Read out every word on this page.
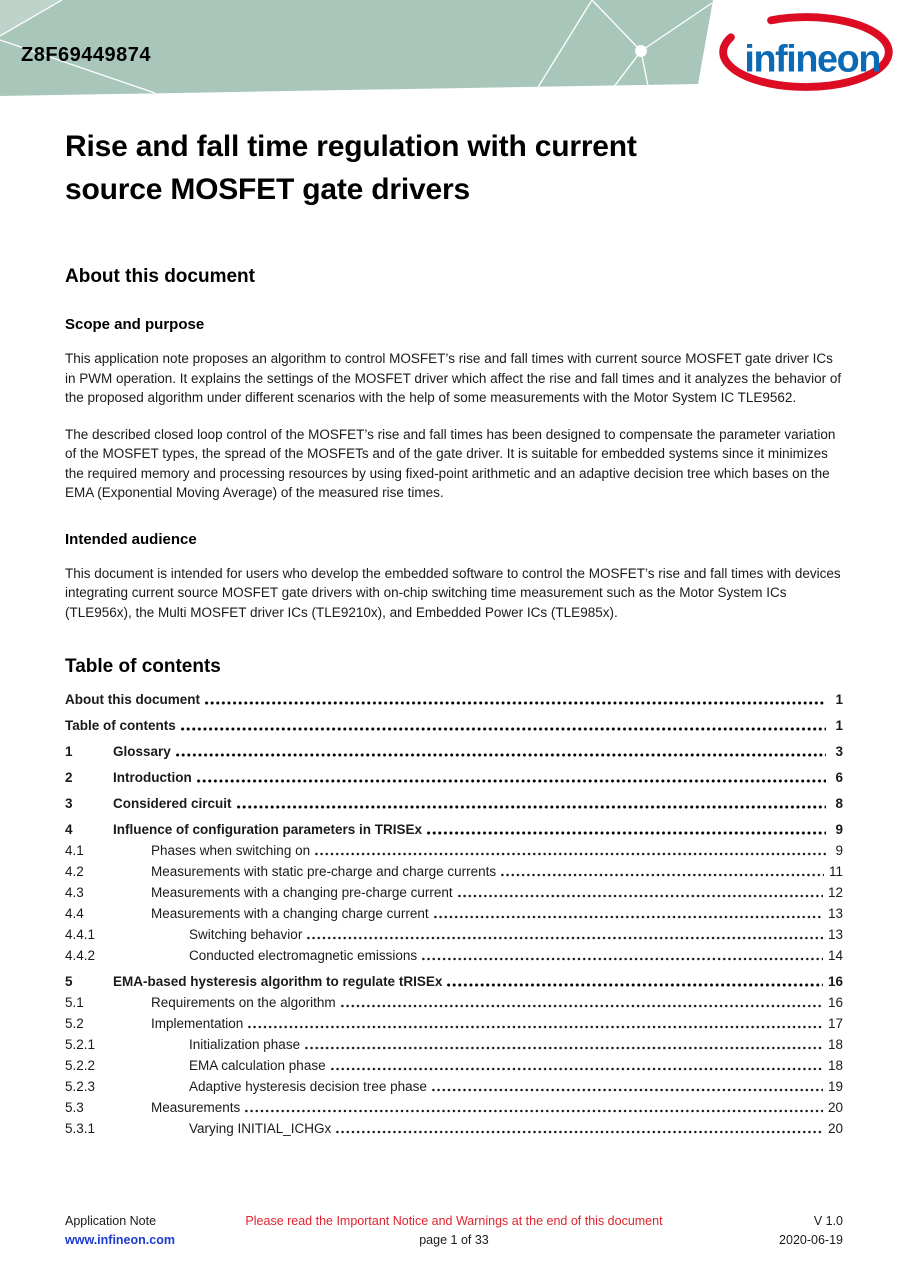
Z8F69449874	infineon
Rise and fall time regulation with current
source MOSFET gate drivers
About this document
Scope and purpose

This application note proposes an algorithm to control MOSFET’s rise and fall times with current source MOSFET gate driver ICs in PWM operation. It explains the settings of the MOSFET driver which affect the rise and fall times and it analyzes the behavior of the proposed algorithm under different scenarios with the help of some measurements with the Motor System IC TLE9562.

The described closed loop control of the MOSFET’s rise and fall times has been designed to compensate the parameter variation of the MOSFET types, the spread of the MOSFETs and of the gate driver. It is suitable for embedded systems since it minimizes the required memory and processing resources by using fixed-point arithmetic and an adaptive decision tree which bases on the EMA (Exponential Moving Average) of the measured rise times.

Intended audience

This document is intended for users who develop the embedded software to control the MOSFET’s rise and fall times with devices integrating current source MOSFET gate drivers with on-chip switching time measurement such as the Motor System ICs (TLE956x), the Multi MOSFET driver ICs (TLE9210x), and Embedded Power ICs (TLE985x).

Table of contents
About this document	1
Table of contents	1
1	Glossary	3
2	Introduction	6
3	Considered circuit	8
4	Influence of configuration parameters in TRISEx	9
4.1	Phases when switching on	9
4.2	Measurements with static pre-charge and charge currents	11
4.3	Measurements with a changing pre-charge current	12
4.4	Measurements with a changing charge current	13
4.4.1	Switching behavior	13
4.4.2	Conducted electromagnetic emissions	14
5	EMA-based hysteresis algorithm to regulate tRISEx	16
5.1	Requirements on the algorithm	16
5.2	Implementation	17
5.2.1	Initialization phase	18
5.2.2	EMA calculation phase	18
5.2.3	Adaptive hysteresis decision tree phase	19
5.3	Measurements	20
5.3.1	Varying INITIAL_ICHGx	20
Application Note
www.infineon.com
Please read the Important Notice and Warnings at the end of this document
page 1 of 33
V 1.0
2020-06-19
